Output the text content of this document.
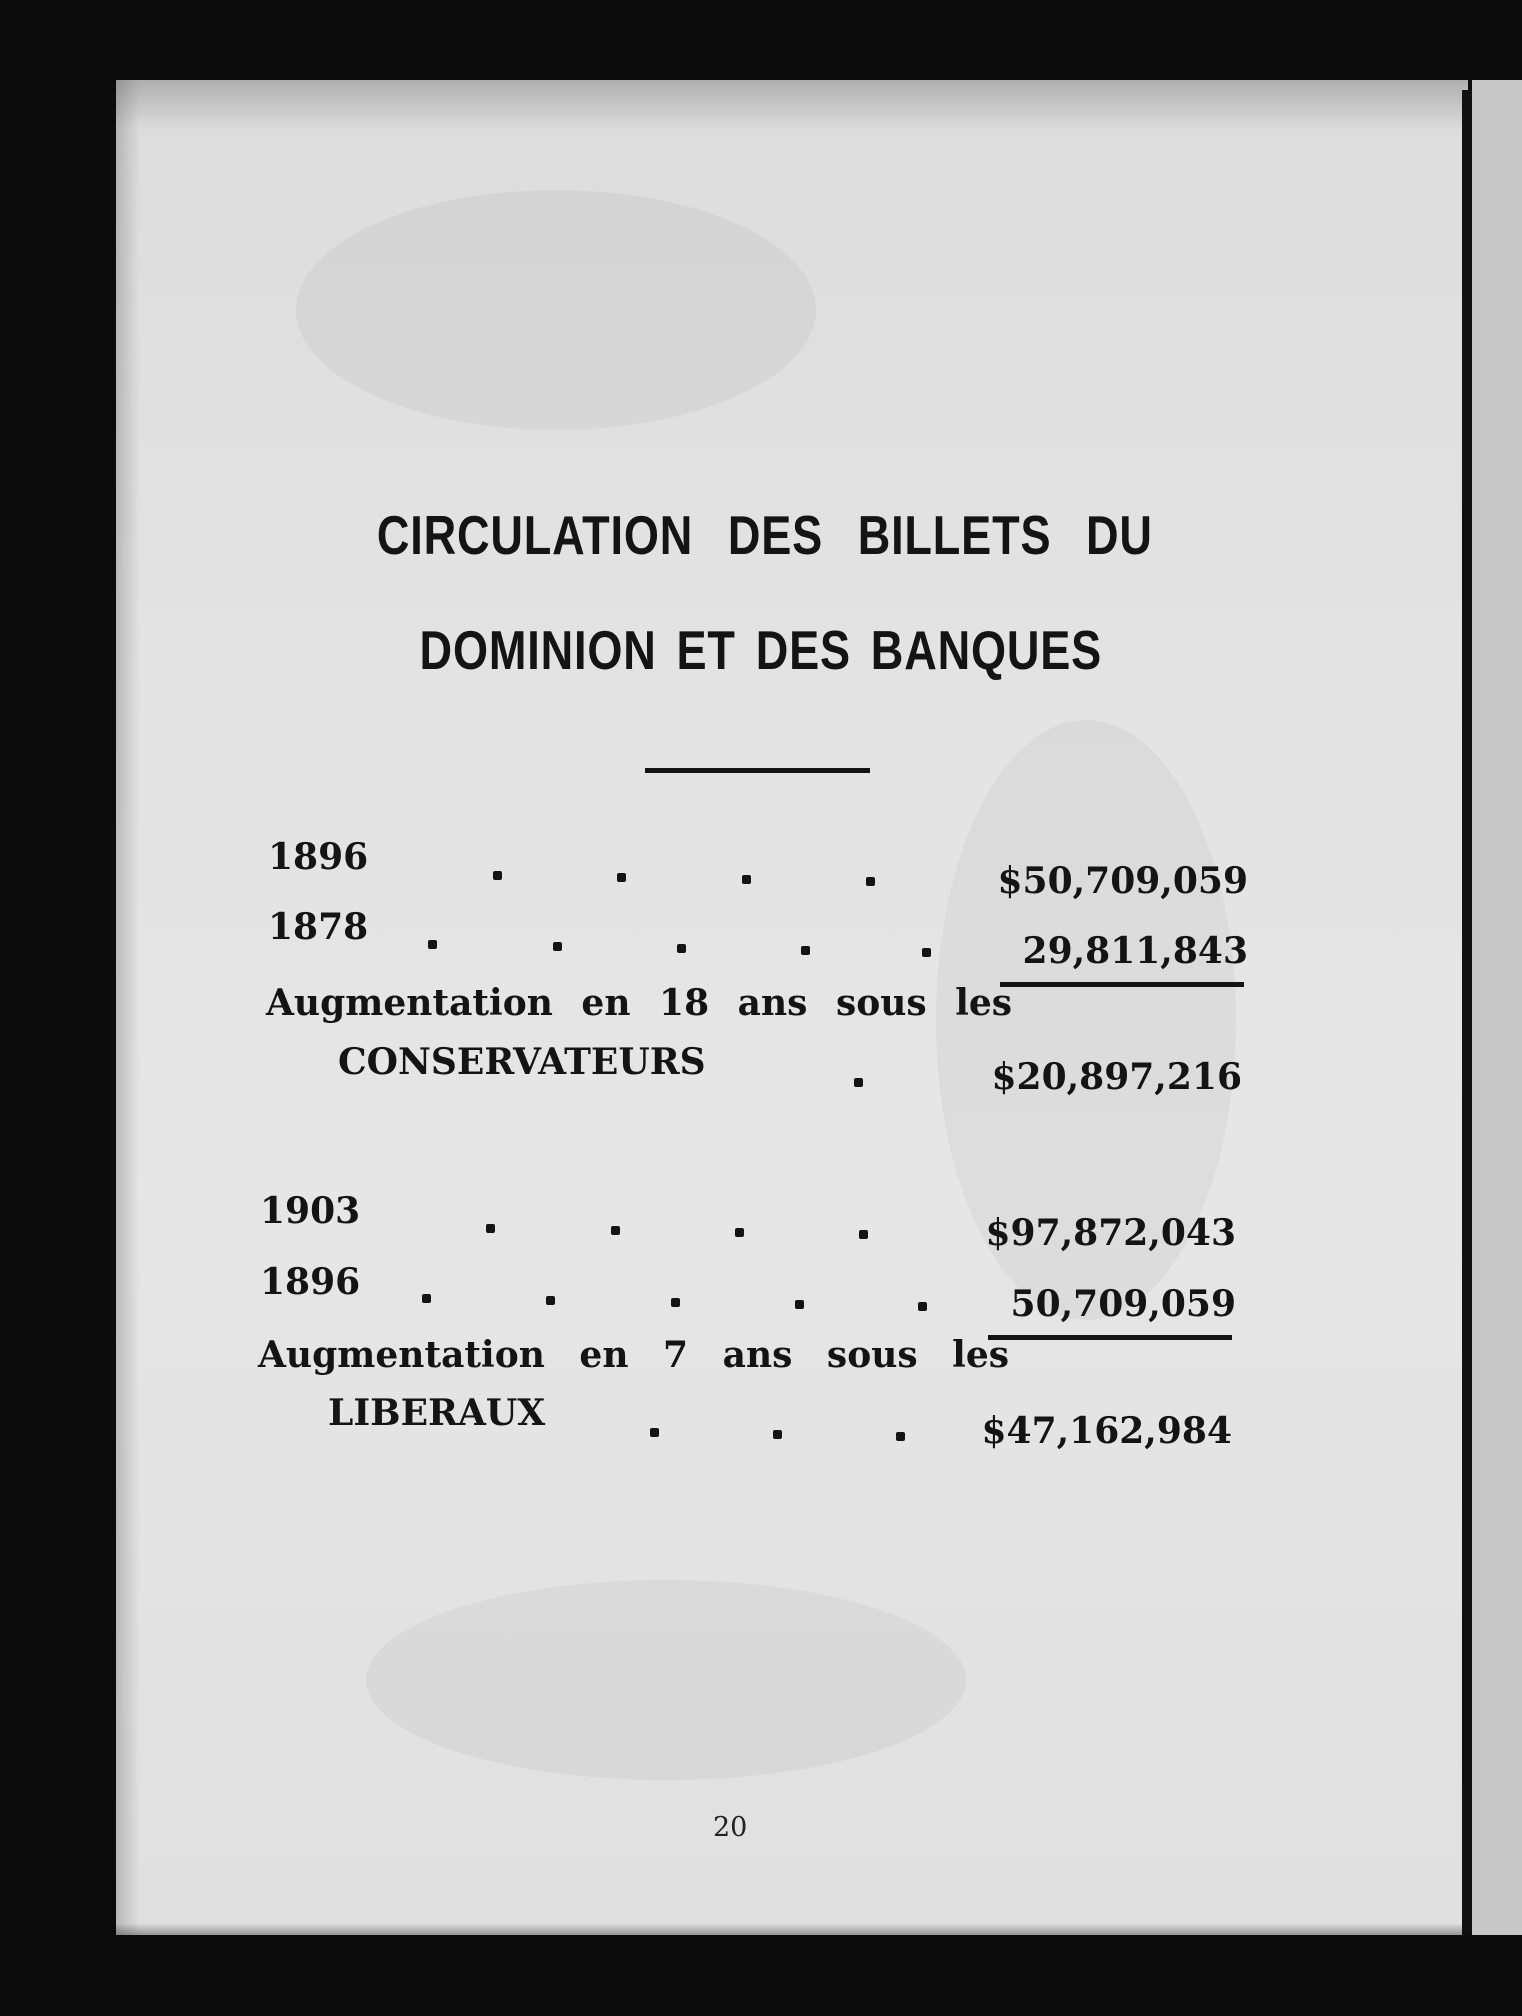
CIRCULATION DES BILLETS DU
DOMINION ET DES BANQUES
1896
$50,709,059
1878
29,811,843
Augmentation en 18 ans sous les
CONSERVATEURS	$20,897,216
1903
$97,872,043
1896
50,709,059
Augmentation en 7 ans sous les
LIBERAUX	$47,162,984
20
